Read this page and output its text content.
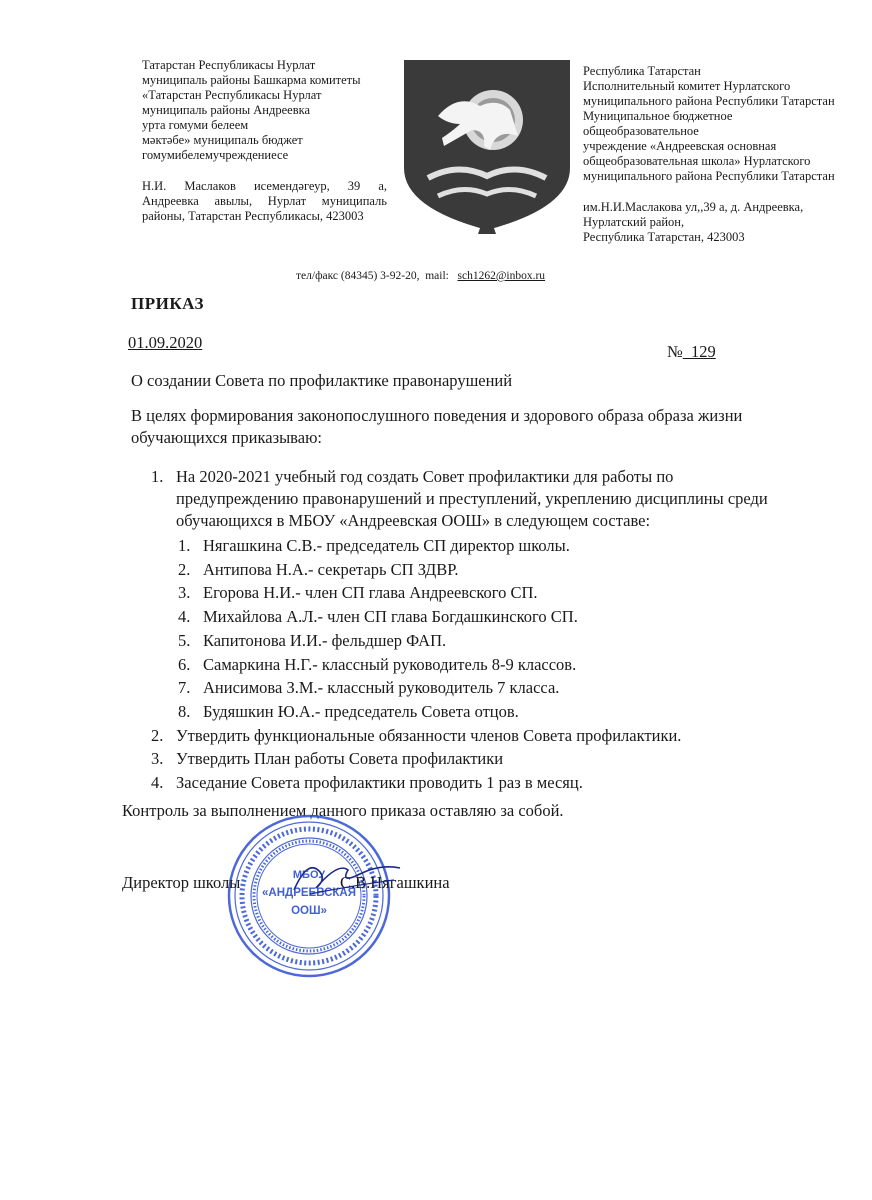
Татарстан Республикасы Нурлат
муниципаль районы Башкарма комитеты
«Татарстан Республикасы Нурлат
муниципаль районы Андреевка
урта гомуми белеем
мәктәбе» муниципаль бюджет
гомумибелемучреждениесе
Н.И. Маслаков исемендәгеур, 39 а,
Андреевка авылы, Нурлат муниципаль
районы, Татарстан Республикасы, 423003
Республика Татарстан
Исполнительный комитет Нурлатского
муниципального района Республики Татарстан
Муниципальное бюджетное
общеобразовательное
учреждение «Андреевская основная
общеобразовательная школа» Нурлатского
муниципального района Республики Татарстан
им.Н.И.Маслакова ул,,39 а, д. Андреевка,
Нурлатский район,
Республика Татарстан, 423003
тел/факс (84345) 3-92-20, mail: sch1262@inbox.ru
ПРИКАЗ
01.09.2020	№ 129
О создании Совета по профилактике правонарушений
В целях формирования законопослушного поведения и здорового образа образа жизни обучающихся приказываю:
1. На 2020-2021 учебный год создать Совет профилактики для работы по предупреждению правонарушений и преступлений, укреплению дисциплины среди обучающихся в МБОУ «Андреевская ООШ» в следующем составе:
1. Нягашкина С.В.- председатель СП директор школы.
2. Антипова Н.А.- секретарь СП ЗДВР.
3. Егорова Н.И.- член СП глава Андреевского СП.
4. Михайлова А.Л.- член СП глава Богдашкинского СП.
5. Капитонова И.И.- фельдшер ФАП.
6. Самаркина Н.Г.- классный руководитель 8-9 классов.
7. Анисимова З.М.- классный руководитель 7 класса.
8. Будяшкин Ю.А.- председатель Совета отцов.
2. Утвердить функциональные обязанности членов Совета профилактики.
3. Утвердить План работы Совета профилактики
4. Заседание Совета профилактики проводить 1 раз в месяц.
Контроль за выполнением данного приказа оставляю за собой.
МБОУ
«АНДРЕЕВСКАЯ
ООШ»
Директор школы	С.В.Нягашкина
